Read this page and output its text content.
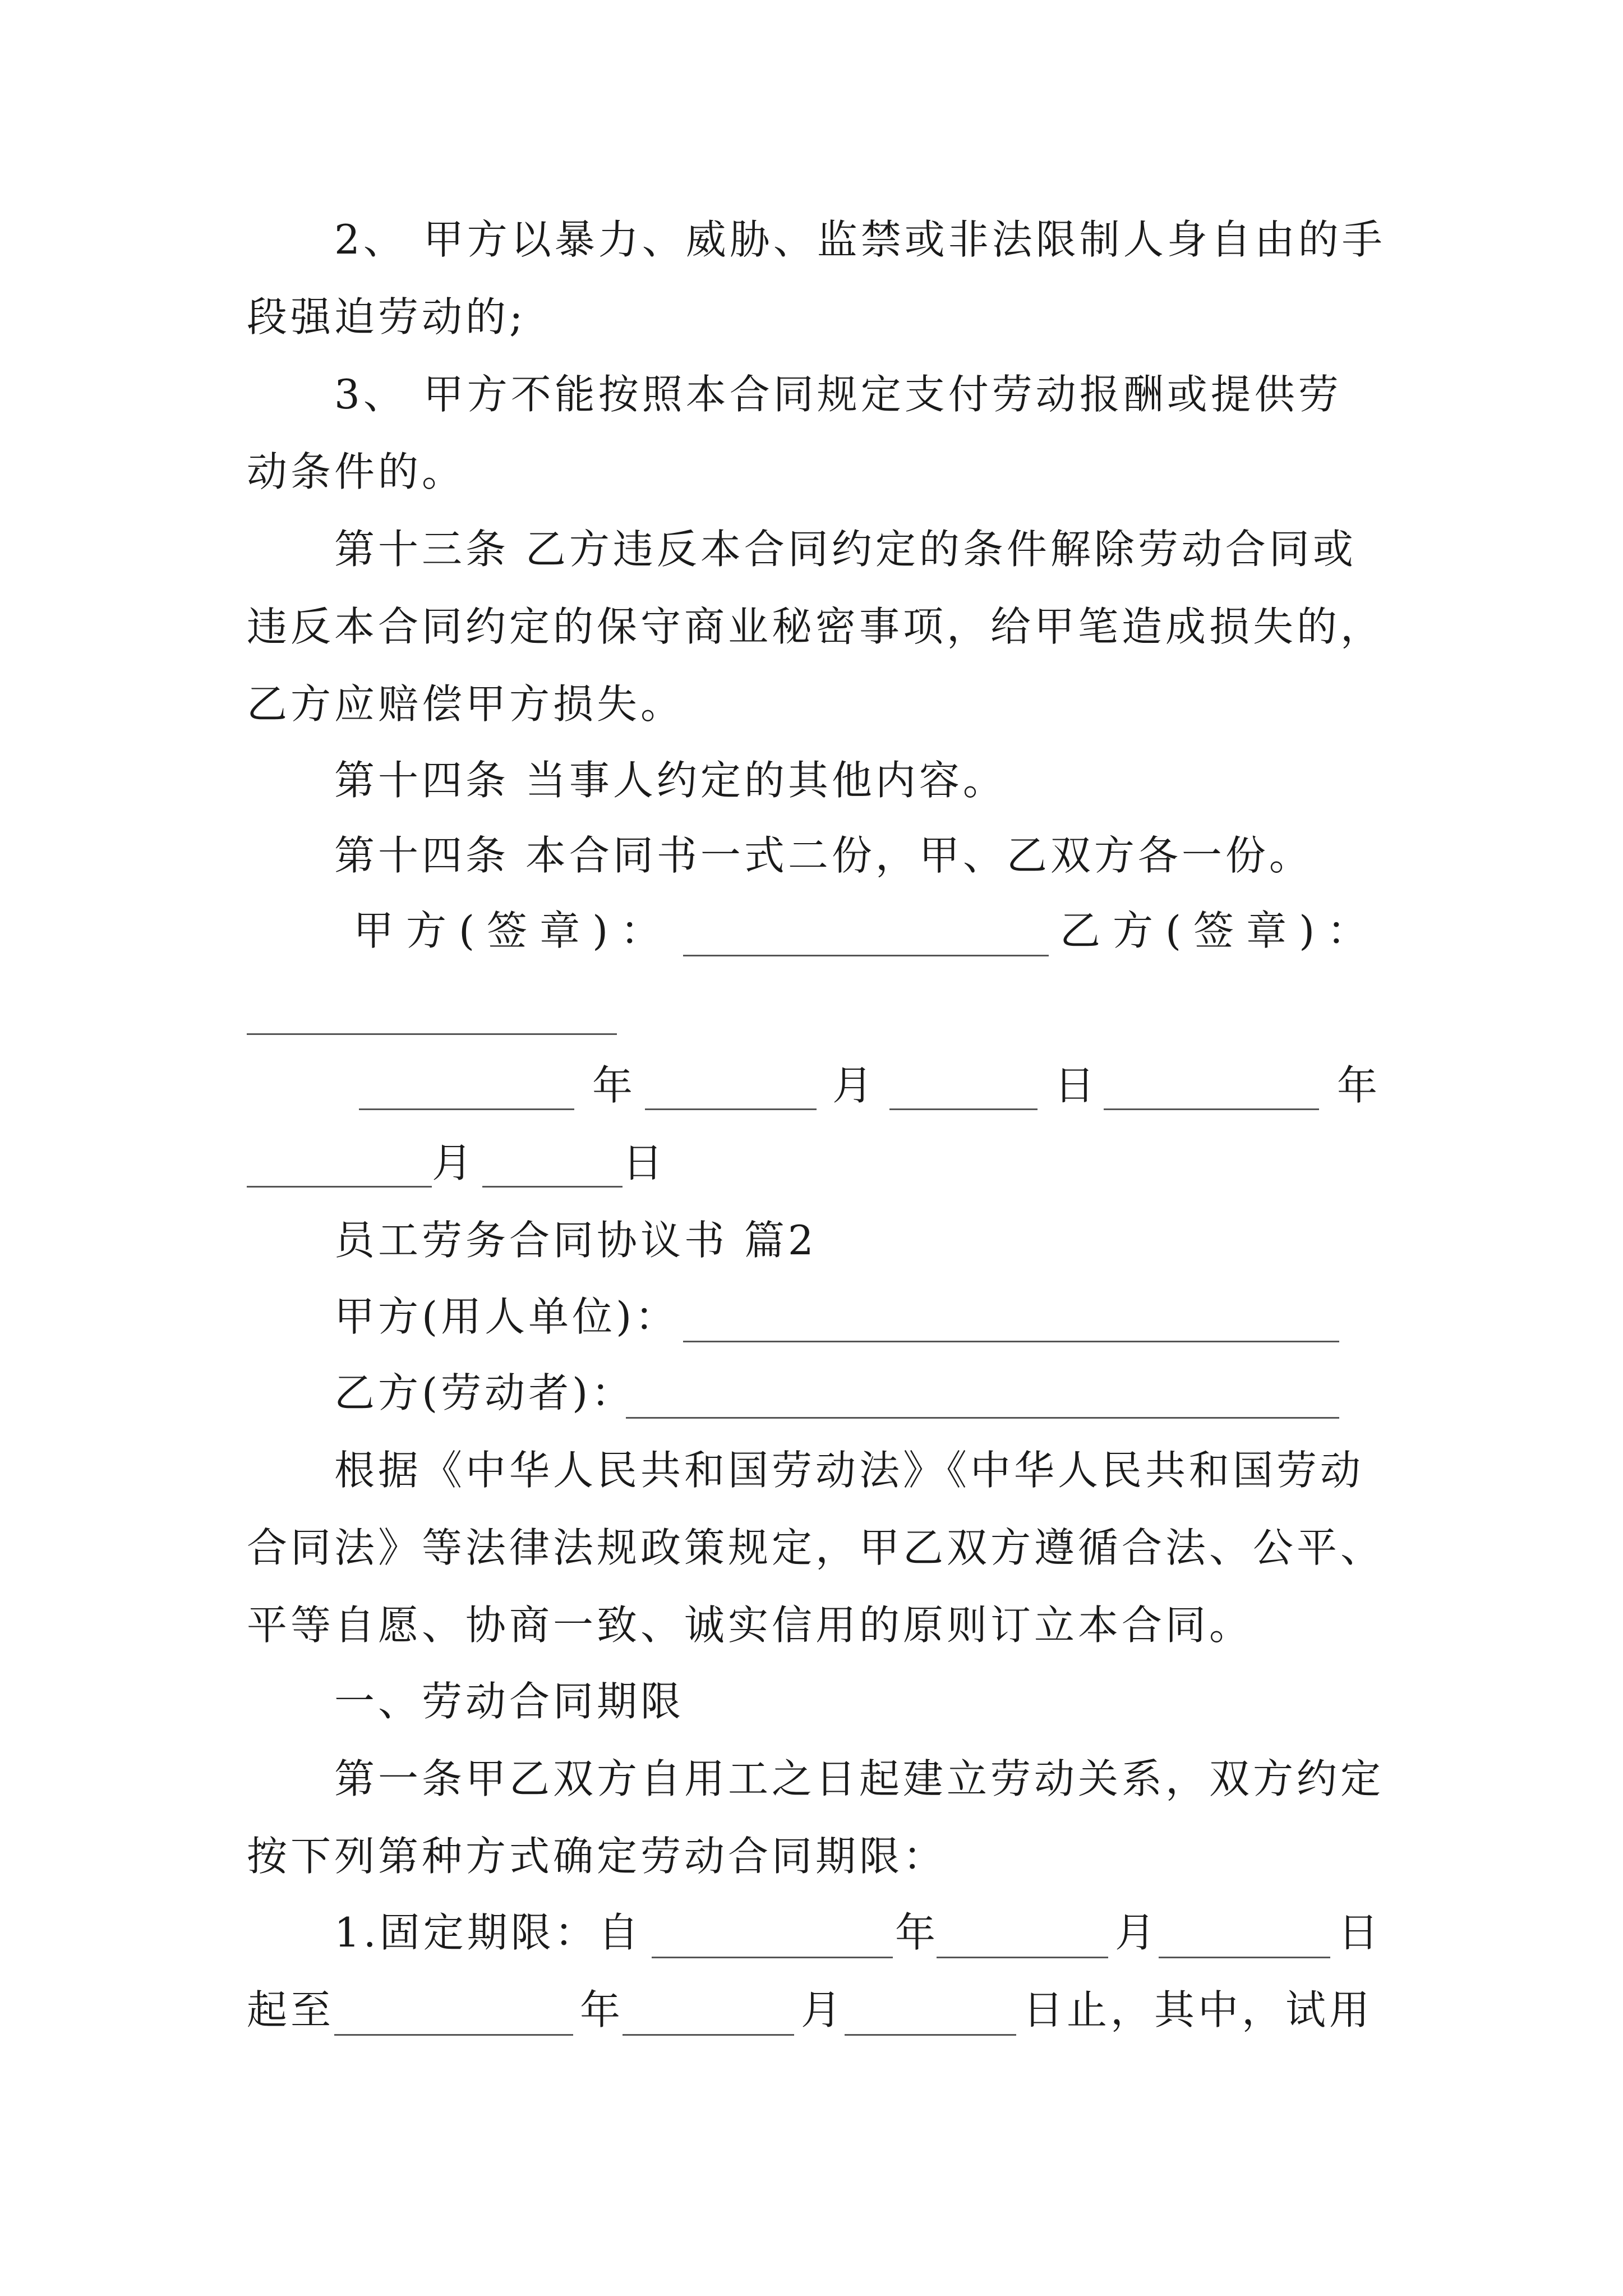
2、 甲方以暴力、威胁、监禁或非法限制人身自由的手
段强迫劳动的;
3、 甲方不能按照本合同规定支付劳动报酬或提供劳
动条件的。
第十三条 乙方违反本合同约定的条件解除劳动合同或
违反本合同约定的保守商业秘密事项，给甲笔造成损失的，
乙方应赔偿甲方损失。
第十四条 当事人约定的其他内容。
第十四条 本合同书一式二份，甲、乙双方各一份。
甲方(签章)：	乙方(签章)：
年	月	日	年
月	日
员工劳务合同协议书 篇2
甲方(用人单位)：
乙方(劳动者)：
根据《中华人民共和国劳动法》《中华人民共和国劳动
合同法》等法律法规政策规定，甲乙双方遵循合法、公平、
平等自愿、协商一致、诚实信用的原则订立本合同。
一、劳动合同期限
第一条甲乙双方自用工之日起建立劳动关系，双方约定
按下列第种方式确定劳动合同期限：
1.固定期限：自	年	月	日
起至	年	月	日止，其中，试用
